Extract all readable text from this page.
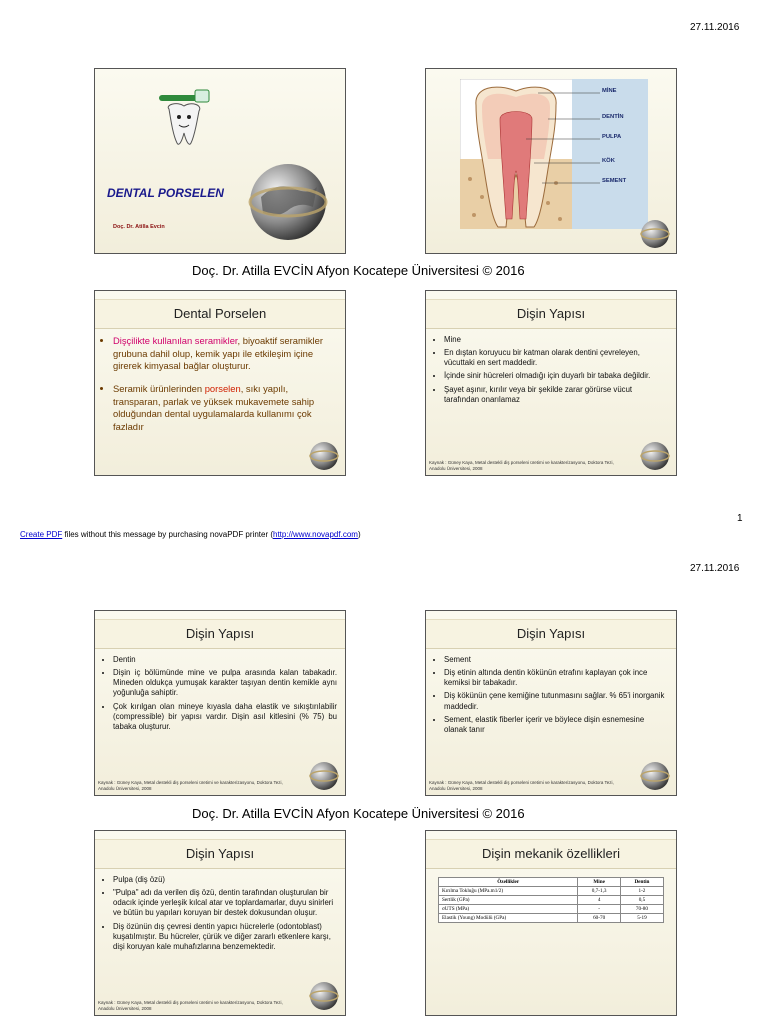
27.11.2016
DENTAL PORSELEN
Doç. Dr. Atilla Evcin
MİNE
DENTİN
PULPA
KÖK
SEMENT
Doç. Dr. Atilla EVCİN Afyon Kocatepe Üniversitesi © 2016
Dental Porselen
• Dişçilikte kullanılan seramikler, biyoaktif seramikler grubuna dahil olup, kemik yapı ile etkileşim içine girerek kimyasal bağlar oluşturur.
• Seramik ürünlerinden porselen, sıkı yapılı, transparan, parlak ve yüksek mukavemete sahip olduğundan dental uygulamalarda kullanımı çok fazladır
Dişin Yapısı
• Mine
• En dıştan koruyucu bir katman olarak dentini çevreleyen, vücuttaki en sert maddedir.
• İçinde sinir hücreleri olmadığı için duyarlı bir tabaka değildir.
• Şayet aşınır, kırılır veya bir şekilde zarar görürse vücut tarafından onarılamaz
Kaynak : Güney Kaya, Metal destekli diş porseleni üretimi ve karakterizasyonu, Doktora Tezi, Anadolu Üniversitesi, 2008
1
Create PDF files without this message by purchasing novaPDF printer (http://www.novapdf.com)
27.11.2016
Dişin Yapısı
• Dentin
• Dişin iç bölümünde mine ve pulpa arasında kalan tabakadır. Mineden oldukça yumuşak karakter taşıyan dentin kemikle aynı yoğunluğa sahiptir.
• Çok kırılgan olan mineye kıyasla daha elastik ve sıkıştırılabilir (compressible) bir yapısı vardır. Dişin asıl kitlesini (% 75) bu tabaka oluşturur.
Kaynak : Güney Kaya, Metal destekli diş porseleni üretimi ve karakterizasyonu, Doktora Tezi, Anadolu Üniversitesi, 2008
Dişin Yapısı
• Sement
• Diş etinin altında dentin kökünün etrafını kaplayan çok ince kemiksi bir tabakadır.
• Diş kökünün çene kemiğine tutunmasını sağlar. % 65'i inorganik maddedir.
• Sement, elastik fiberler içerir ve böylece dişin esnemesine olanak tanır
Kaynak : Güney Kaya, Metal destekli diş porseleni üretimi ve karakterizasyonu, Doktora Tezi, Anadolu Üniversitesi, 2008
Doç. Dr. Atilla EVCİN Afyon Kocatepe Üniversitesi © 2016
Dişin Yapısı
• Pulpa (diş özü)
• "Pulpa" adı da verilen diş özü, dentin tarafından oluşturulan bir odacık içinde yerleşik kılcal atar ve toplardamarlar, duyu sinirleri ve bütün bu yapıları koruyan bir destek dokusundan oluşur.
• Diş özünün dış çevresi dentin yapıcı hücrelerle (odontoblast) kuşatılmıştır. Bu hücreler, çürük ve diğer zararlı etkenlere karşı, dişi koruyan kale muhafızlarına benzemektedir.
Kaynak : Güney Kaya, Metal destekli diş porseleni üretimi ve karakterizasyonu, Doktora Tezi, Anadolu Üniversitesi, 2008
Dişin mekanik özellikleri
Özellikler	Mine	Dentin
Kırılma Tokluğu (MPa.m1/2)	0,7-1,3	1-2
Sertlik (GPa)	4	0,5
σUTS (MPa)	-	70-80
Elastik (Young) Modülü (GPa)	60-70	5-19
